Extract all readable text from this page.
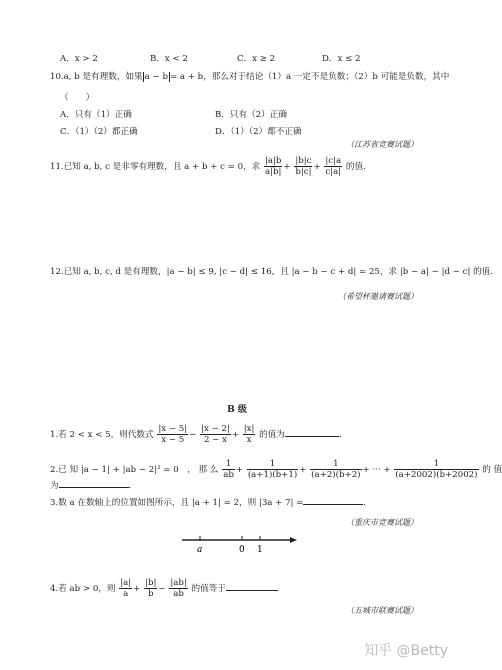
A．x > 2	B．x < 2	C．x ≥ 2	D．x ≤ 2
10.a, b 是有理数，如果 a − b = a + b，那么对于结论（1）a 一定不是负数；（2）b 可能是负数，其中
（　　）
A．只有（1）正确	B．只有（2）正确
C．（1）（2）都正确	D．（1）（2）都不正确
（江苏省竞赛试题）
11.已知 a, b, c 是非零有理数，且 a + b + c = 0，求 $\frac{|a|b}{a|b|} + \frac{|b|c}{b|c|} + \frac{|c|a}{c|a|}$ 的值.
12.已知 a, b, c, d 是有理数，|a − b| ≤ 9, |c − d| ≤ 16，且 |a − b − c + d| = 25，求 |b − a| − |d − c| 的值.
（希望杯邀请赛试题）
B 级
1.若 2 < x < 5，则代数式 $\frac{|x - 5|}{x - 5} - \frac{|x - 2|}{2 - x} + \frac{|x|}{x}$ 的值为	.
2.已 知 |a − 1| + |ab − 2|² = 0　， 那 么 $\frac{1}{ab} + \frac{1}{(a+1)(b+1)} + \frac{1}{(a+2)(b+2)}$ + ··· + $\frac{1}{(a+2002)(b+2002)}$ 的 值
为	.
3.数 a 在数轴上的位置如图所示，且 |a + 1| = 2，则 |3a + 7| =	.
（重庆市竞赛试题）
a	0 1
4.若 ab > 0，则 $\frac{|a|}{a} + \frac{|b|}{b} - \frac{|ab|}{ab}$ 的值等于
（五城市联赛试题）
知乎 @Betty
